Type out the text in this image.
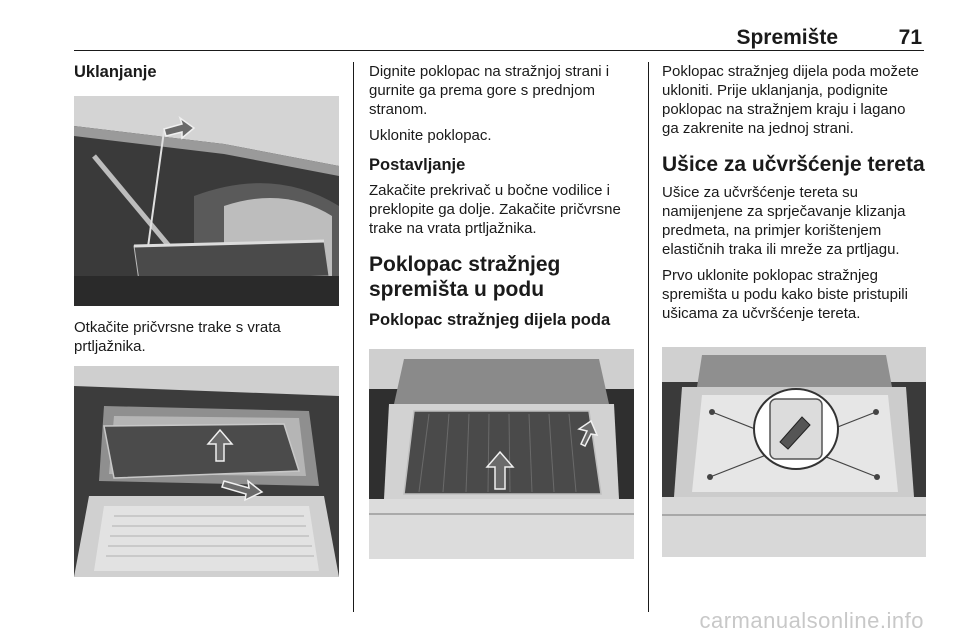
Spremište	71
Uklanjanje

Otkačite pričvrsne trake s vrata prtljažnika.

Dignite poklopac na stražnjoj strani i gurnite ga prema gore s prednjom stranom.

Uklonite poklopac.

Postavljanje

Zakačite prekrivač u bočne vodilice i preklopite ga dolje. Zakačite pričvrsne trake na vrata prtljažnika.

Poklopac stražnjeg
spremišta u podu
Poklopac stražnjeg dijela poda

Poklopac stražnjeg dijela poda možete ukloniti. Prije uklanjanja, podignite poklopac na stražnjem kraju i lagano ga zakrenite na jednoj strani.

Ušice za učvršćenje tereta

Ušice za učvršćenje tereta su namijenjene za sprječavanje klizanja predmeta, na primjer korištenjem elastičnih traka ili mreže za prtljagu.

Prvo uklonite poklopac stražnjeg spremišta u podu kako biste pristupili ušicama za učvršćenje tereta.

carmanualsonline.info
